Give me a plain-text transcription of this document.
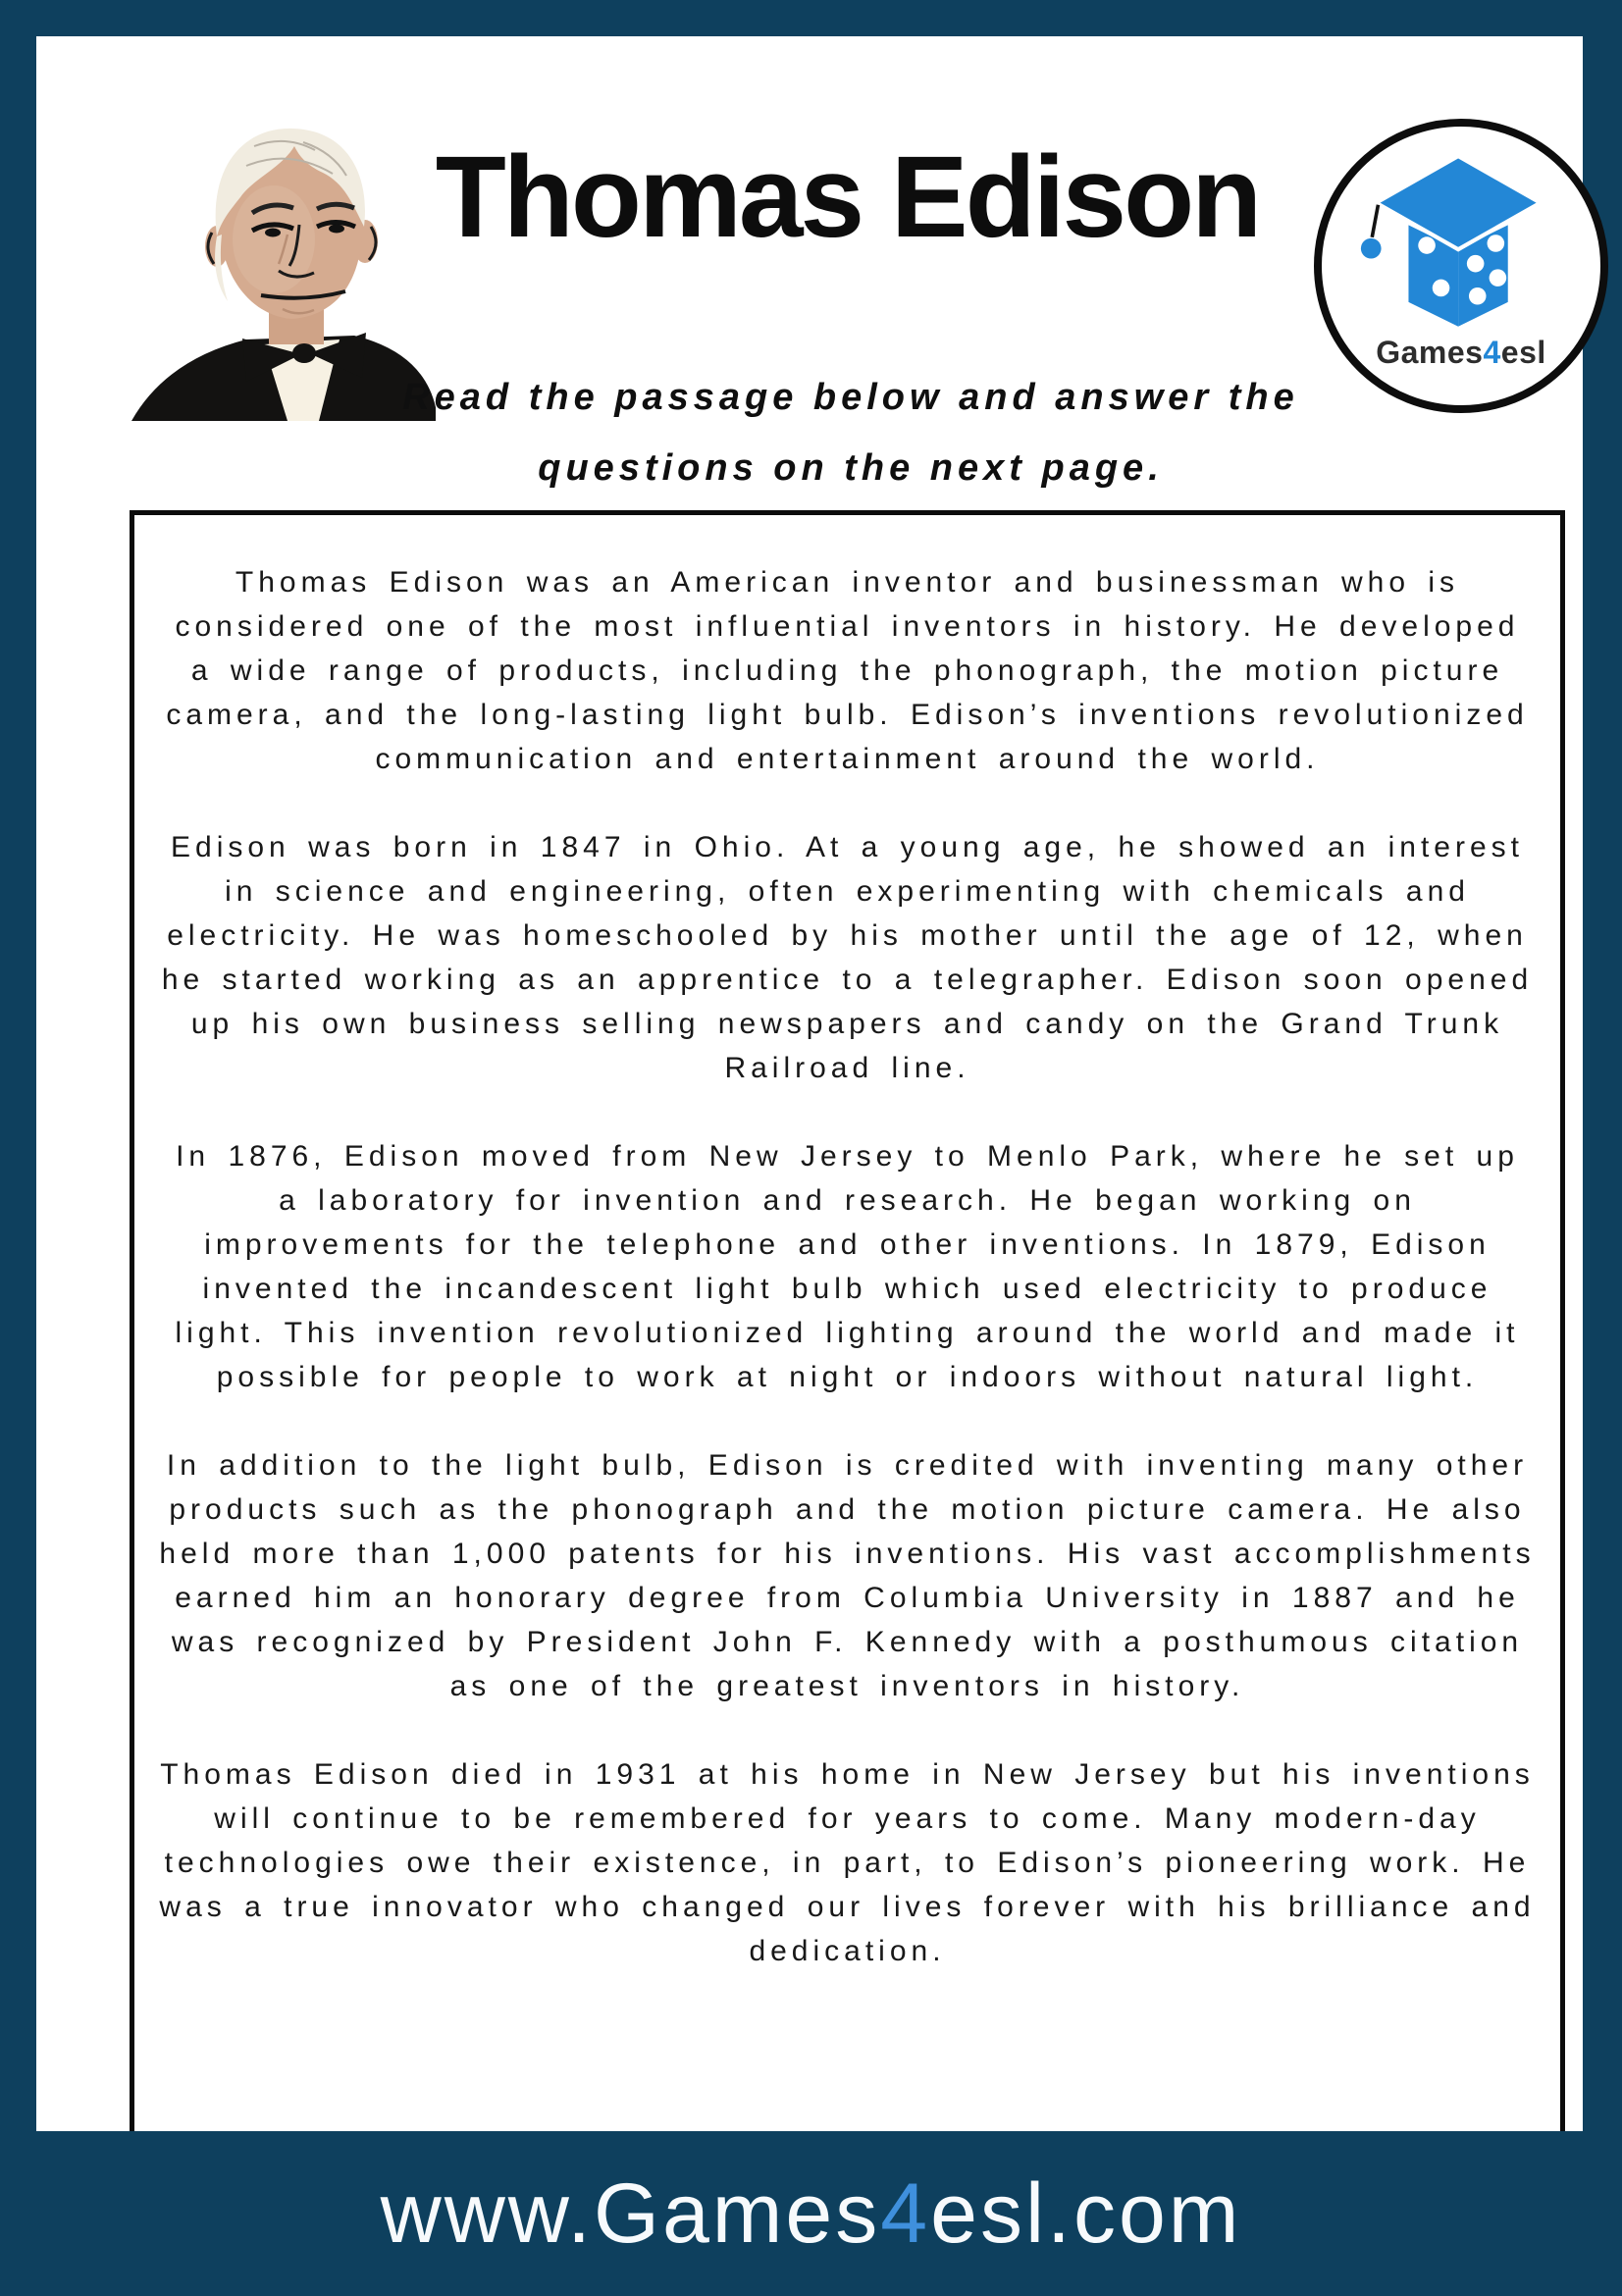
Thomas Edison
Games4esl
Read the passage below and answer the
questions on the next page.

Thomas Edison was an American inventor and businessman who is considered one of the most influential inventors in history. He developed a wide range of products, including the phonograph, the motion picture camera, and the long-lasting light bulb. Edison’s inventions revolutionized communication and entertainment around the world.

Edison was born in 1847 in Ohio. At a young age, he showed an interest in science and engineering, often experimenting with chemicals and electricity. He was homeschooled by his mother until the age of 12, when he started working as an apprentice to a telegrapher. Edison soon opened up his own business selling newspapers and candy on the Grand Trunk Railroad line.

In 1876, Edison moved from New Jersey to Menlo Park, where he set up a laboratory for invention and research. He began working on improvements for the telephone and other inventions. In 1879, Edison invented the incandescent light bulb which used electricity to produce light. This invention revolutionized lighting around the world and made it possible for people to work at night or indoors without natural light.

In addition to the light bulb, Edison is credited with inventing many other products such as the phonograph and the motion picture camera. He also held more than 1,000 patents for his inventions. His vast accomplishments earned him an honorary degree from Columbia University in 1887 and he was recognized by President John F. Kennedy with a posthumous citation as one of the greatest inventors in history.

Thomas Edison died in 1931 at his home in New Jersey but his inventions will continue to be remembered for years to come. Many modern-day technologies owe their existence, in part, to Edison’s pioneering work. He was a true innovator who changed our lives forever with his brilliance and dedication.

www.Games4esl.com
